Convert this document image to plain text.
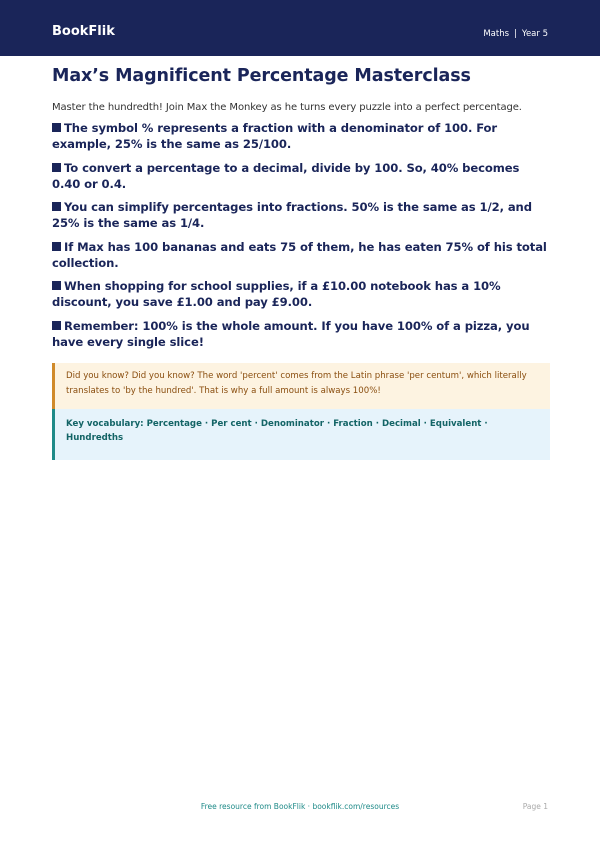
BookFlik	Maths | Year 5
Max’s Magnificent Percentage Masterclass

Master the hundredth! Join Max the Monkey as he turns every puzzle into a perfect percentage.

The symbol % represents a fraction with a denominator of 100. For example, 25% is the same as 25/100.
To convert a percentage to a decimal, divide by 100. So, 40% becomes 0.40 or 0.4.
You can simplify percentages into fractions. 50% is the same as 1/2, and 25% is the same as 1/4.
If Max has 100 bananas and eats 75 of them, he has eaten 75% of his total collection.
When shopping for school supplies, if a £10.00 notebook has a 10% discount, you save £1.00 and pay £9.00.
Remember: 100% is the whole amount. If you have 100% of a pizza, you have every single slice!
Did you know? Did you know? The word 'percent' comes from the Latin phrase 'per centum', which literally translates to 'by the hundred'. That is why a full amount is always 100%!
Key vocabulary: Percentage · Per cent · Denominator · Fraction · Decimal · Equivalent · Hundredths
Free resource from BookFlik · bookflik.com/resources	Page 1
